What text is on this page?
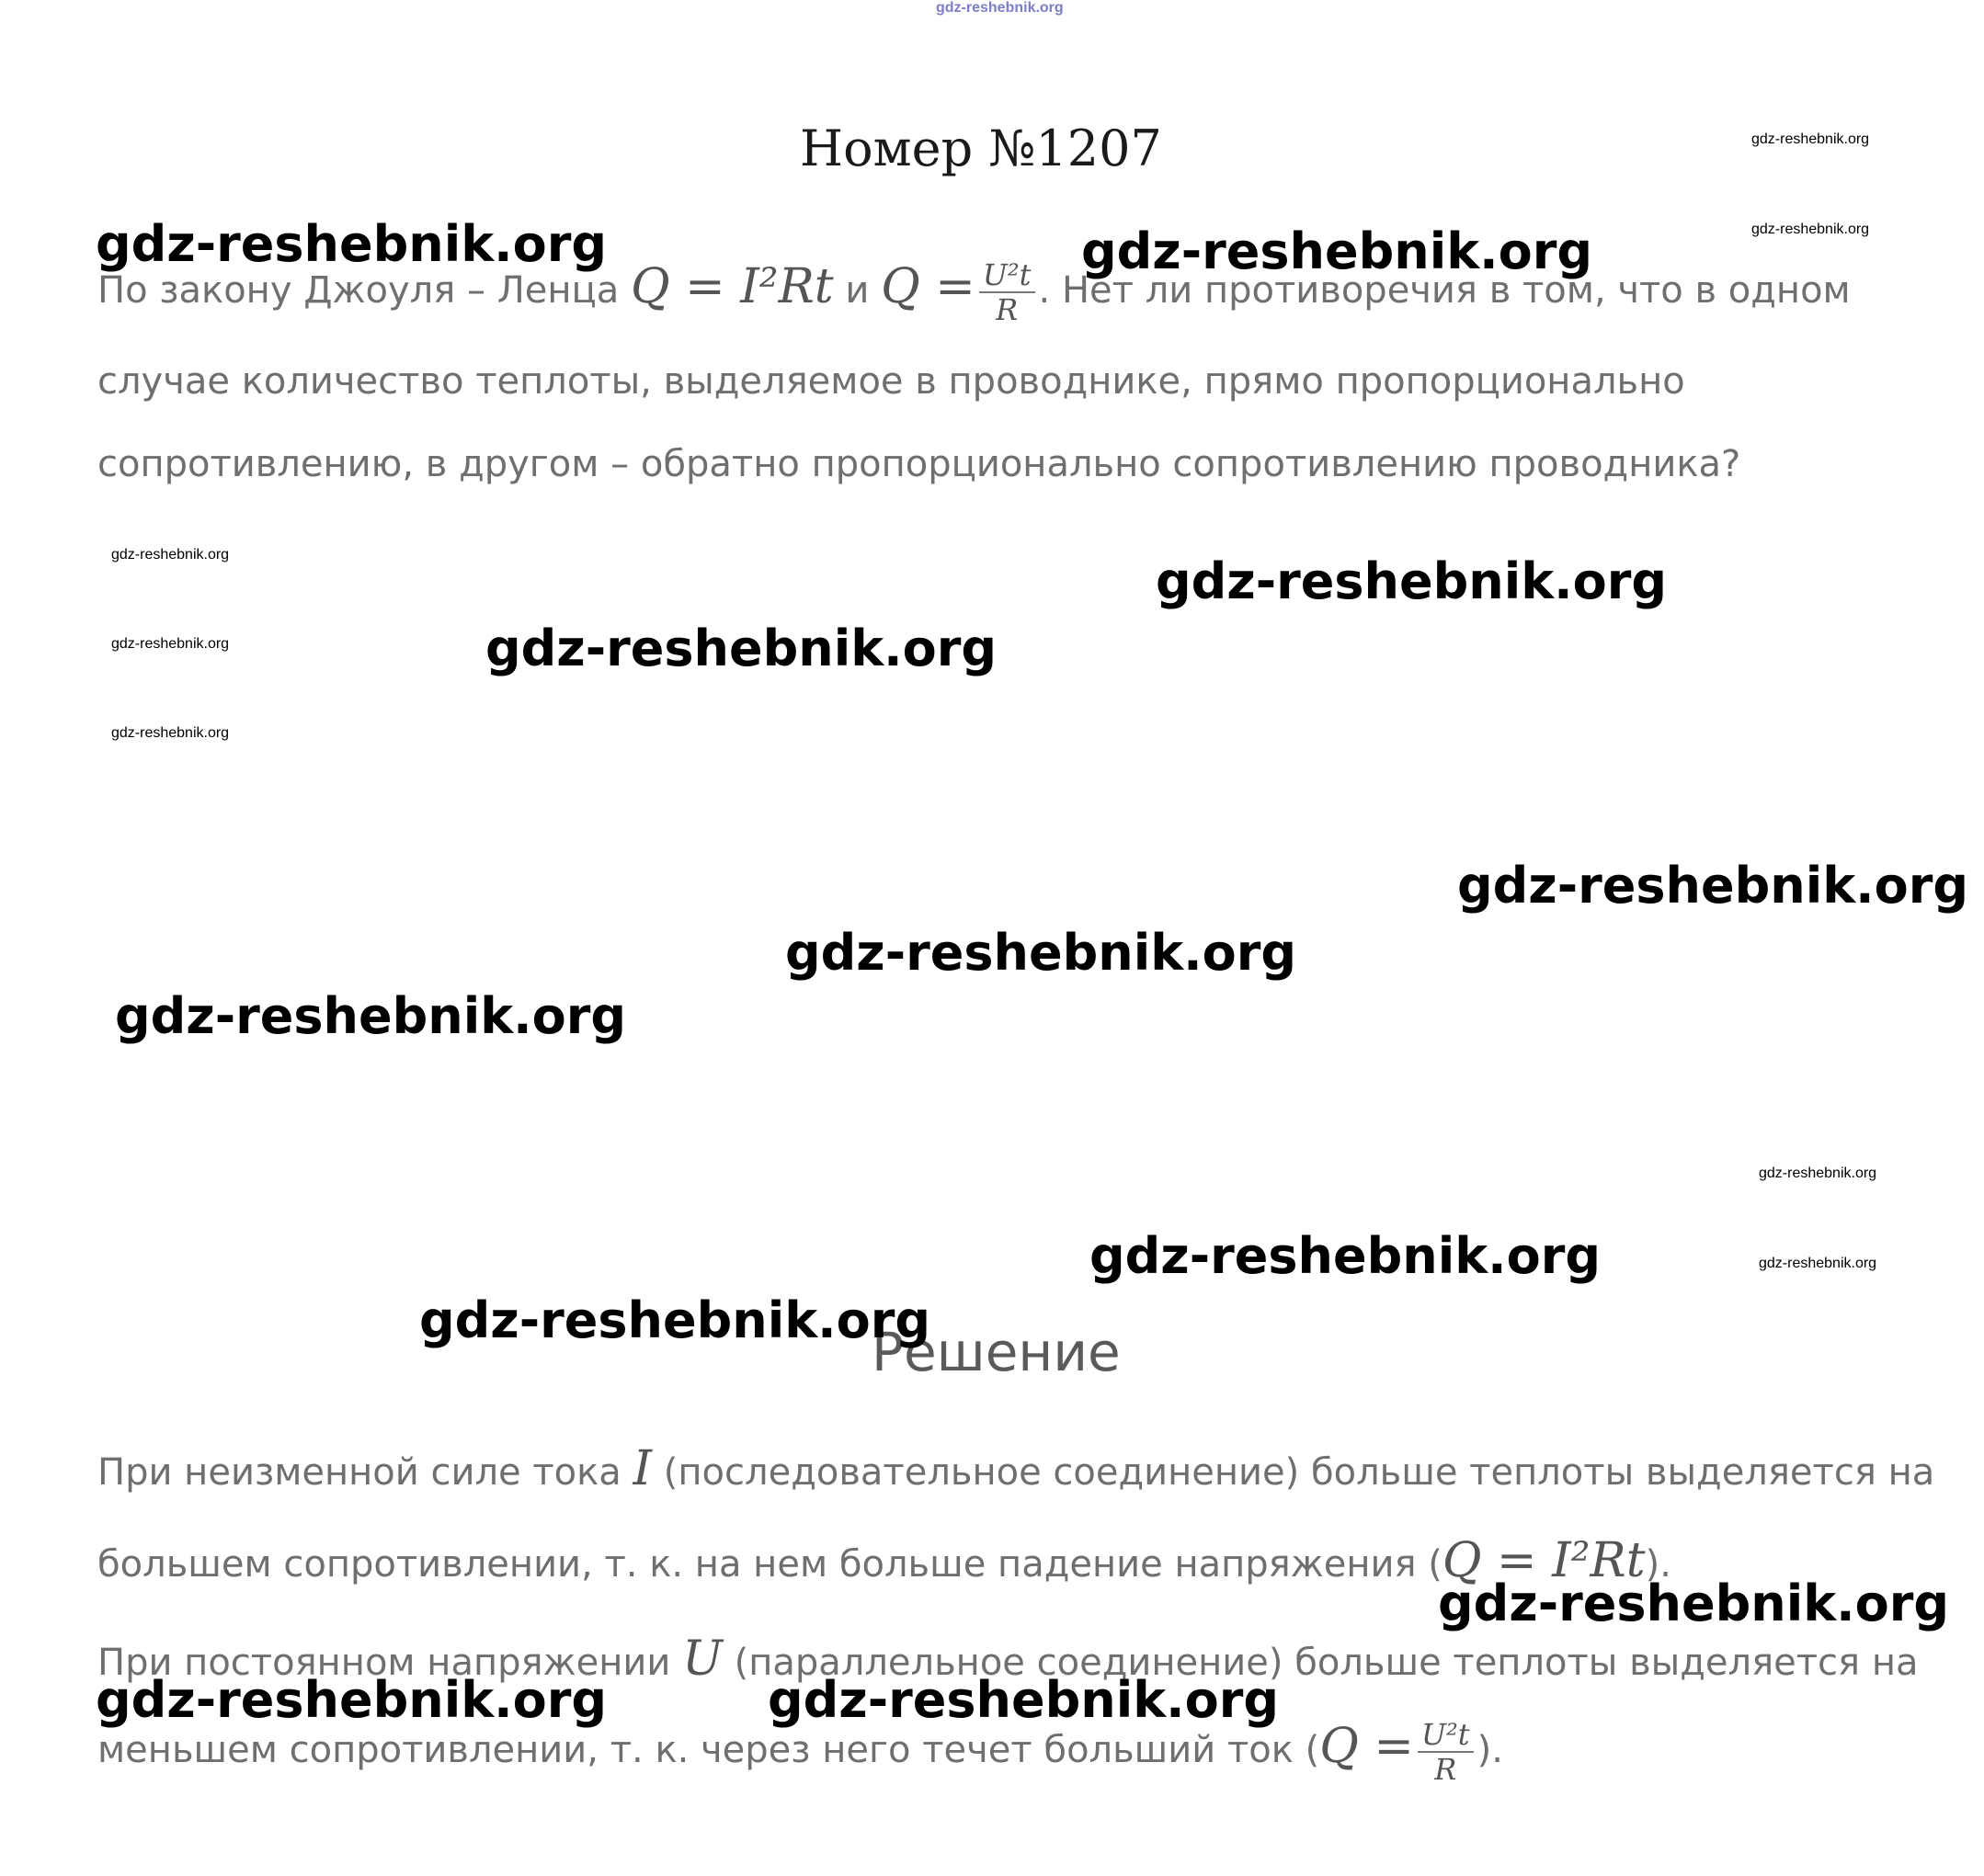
gdz-reshebnik.org
Номер №1207
По закону Джоуля – Ленца Q = I²Rt и $Q = \frac{\text{U²t}}{R}$ . Нет ли противоречия в том, что в одном
случае количество теплоты, выделяемое в проводнике, прямо пропорционально
сопротивлению, в другом – обратно пропорционально сопротивлению проводника?
Решение
При неизменной силе тока I (последовательное соединение) больше теплоты выделяется на
большем сопротивлении, т. к. на нем больше падение напряжения (Q = I²Rt).
При постоянном напряжении U (параллельное соединение) больше теплоты выделяется на
меньшем сопротивлении, т. к. через него течет больший ток ($Q = \frac{\text{U²t}}{R}$ ).
gdz-reshebnik.org	gdz-reshebnik.org
gdz-reshebnik.org
gdz-reshebnik.org
gdz-reshebnik.org
gdz-reshebnik.org
gdz-reshebnik.org
gdz-reshebnik.org
gdz-reshebnik.org
gdz-reshebnik.org
gdz-reshebnik.org	gdz-reshebnik.org
gdz-reshebnik.org
gdz-reshebnik.org
gdz-reshebnik.org
gdz-reshebnik.org
gdz-reshebnik.org
gdz-reshebnik.org
gdz-reshebnik.org
